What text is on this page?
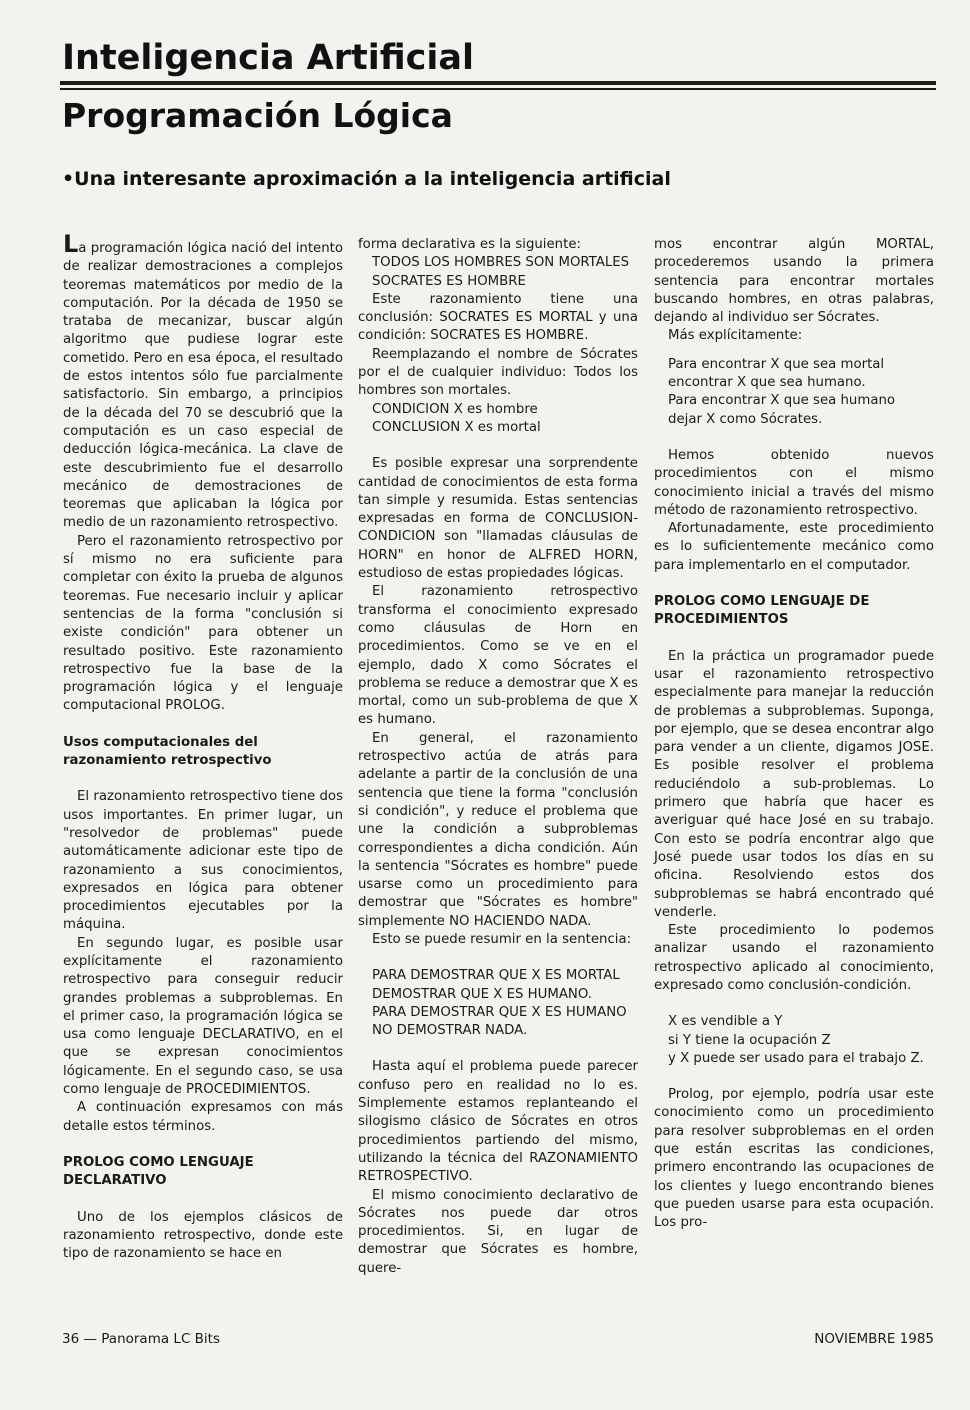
Inteligencia Artificial
Programación Lógica
•Una interesante aproximación a la inteligencia artificial

La programación lógica nació del intento de realizar demostraciones a complejos teoremas matemáticos por medio de la computación. Por la década de 1950 se trataba de mecanizar, buscar algún algoritmo que pudiese lograr este cometido. Pero en esa época, el resultado de estos intentos sólo fue parcialmente satisfactorio. Sin embargo, a principios de la década del 70 se descubrió que la computación es un caso especial de deducción lógica-mecánica. La clave de este descubrimiento fue el desarrollo mecánico de demostraciones de teoremas que aplicaban la lógica por medio de un razonamiento retrospectivo.

Pero el razonamiento retrospectivo por sí mismo no era suficiente para completar con éxito la prueba de algunos teoremas. Fue necesario incluir y aplicar sentencias de la forma "conclusión si existe condición" para obtener un resultado positivo. Este razonamiento retrospectivo fue la base de la programación lógica y el lenguaje computacional PROLOG.

Usos computacionales del razonamiento retrospectivo

El razonamiento retrospectivo tiene dos usos importantes. En primer lugar, un "resolvedor de problemas" puede automáticamente adicionar este tipo de razonamiento a sus conocimientos, expresados en lógica para obtener procedimientos ejecutables por la máquina.

En segundo lugar, es posible usar explícitamente el razonamiento retrospectivo para conseguir reducir grandes problemas a subproblemas. En el primer caso, la programación lógica se usa como lenguaje DECLARATIVO, en el que se expresan conocimientos lógicamente. En el segundo caso, se usa como lenguaje de PROCEDIMIENTOS.

A continuación expresamos con más detalle estos términos.

PROLOG COMO LENGUAJE DECLARATIVO

Uno de los ejemplos clásicos de razonamiento retrospectivo, donde este tipo de razonamiento se hace en

forma declarativa es la siguiente:

TODOS LOS HOMBRES SON MORTALES

SOCRATES ES HOMBRE

Este razonamiento tiene una conclusión: SOCRATES ES MORTAL y una condición: SOCRATES ES HOMBRE.

Reemplazando el nombre de Sócrates por el de cualquier individuo: Todos los hombres son mortales.

CONDICION X es hombre

CONCLUSION X es mortal

Es posible expresar una sorprendente cantidad de conocimientos de esta forma tan simple y resumida. Estas sentencias expresadas en forma de CONCLUSION-CONDICION son "llamadas cláusulas de HORN" en honor de ALFRED HORN, estudioso de estas propiedades lógicas.

El razonamiento retrospectivo transforma el conocimiento expresado como cláusulas de Horn en procedimientos. Como se ve en el ejemplo, dado X como Sócrates el problema se reduce a demostrar que X es mortal, como un sub-problema de que X es humano.

En general, el razonamiento retrospectivo actúa de atrás para adelante a partir de la conclusión de una sentencia que tiene la forma "conclusión si condición", y reduce el problema que une la condición a subproblemas correspondientes a dicha condición. Aún la sentencia "Sócrates es hombre" puede usarse como un procedimiento para demostrar que "Sócrates es hombre" simplemente NO HACIENDO NADA.

Esto se puede resumir en la sentencia:

PARA DEMOSTRAR QUE X ES MORTAL

DEMOSTRAR QUE X ES HUMANO.

PARA DEMOSTRAR QUE X ES HUMANO

NO DEMOSTRAR NADA.

Hasta aquí el problema puede parecer confuso pero en realidad no lo es. Simplemente estamos replanteando el silogismo clásico de Sócrates en otros procedimientos partiendo del mismo, utilizando la técnica del RAZONAMIENTO RETROSPECTIVO.

El mismo conocimiento declarativo de Sócrates nos puede dar otros procedimientos. Si, en lugar de demostrar que Sócrates es hombre, quere-

mos encontrar algún MORTAL, procederemos usando la primera sentencia para encontrar mortales buscando hombres, en otras palabras, dejando al individuo ser Sócrates.

Más explícitamente:

Para encontrar X que sea mortal

encontrar X que sea humano.

Para encontrar X que sea humano

dejar X como Sócrates.

Hemos obtenido nuevos procedimientos con el mismo conocimiento inicial a través del mismo método de razonamiento retrospectivo.

Afortunadamente, este procedimiento es lo suficientemente mecánico como para implementarlo en el computador.

PROLOG COMO LENGUAJE DE PROCEDIMIENTOS

En la práctica un programador puede usar el razonamiento retrospectivo especialmente para manejar la reducción de problemas a subproblemas. Suponga, por ejemplo, que se desea encontrar algo para vender a un cliente, digamos JOSE. Es posible resolver el problema reduciéndolo a sub-problemas. Lo primero que habría que hacer es averiguar qué hace José en su trabajo. Con esto se podría encontrar algo que José puede usar todos los días en su oficina. Resolviendo estos dos subproblemas se habrá encontrado qué venderle.

Este procedimiento lo podemos analizar usando el razonamiento retrospectivo aplicado al conocimiento, expresado como conclusión-condición.

X es vendible a Y

si Y tiene la ocupación Z

y X puede ser usado para el trabajo Z.

Prolog, por ejemplo, podría usar este conocimiento como un procedimiento para resolver subproblemas en el orden que están escritas las condiciones, primero encontrando las ocupaciones de los clientes y luego encontrando bienes que pueden usarse para esta ocupación. Los pro-

36 — Panorama LC Bits	NOVIEMBRE 1985
